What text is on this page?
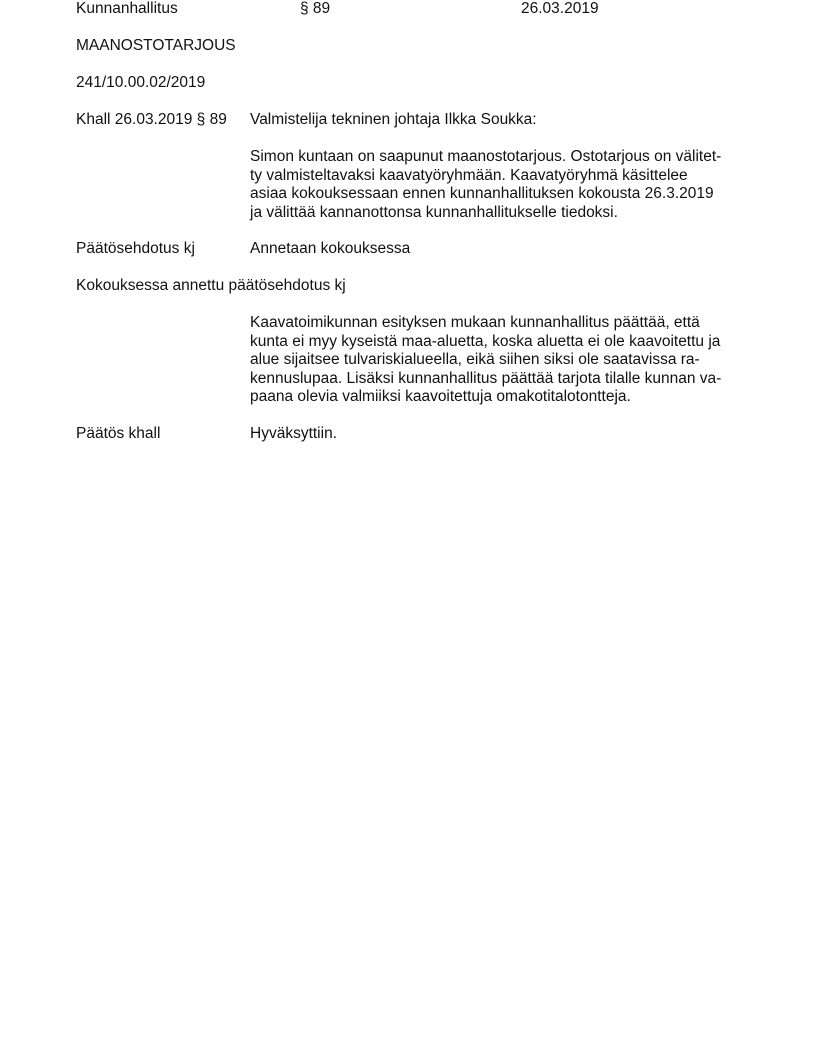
Kunnanhallitus	§ 89	26.03.2019
MAANOSTOTARJOUS
241/10.00.02/2019
Khall 26.03.2019 § 89 Valmistelija tekninen johtaja Ilkka Soukka:
Simon kuntaan on saapunut maanostotarjous. Ostotarjous on välitet-
ty valmisteltavaksi kaavatyöryhmään. Kaavatyöryhmä käsittelee
asiaa kokouksessaan ennen kunnanhallituksen kokousta 26.3.2019
ja välittää kannanottonsa kunnanhallitukselle tiedoksi.
Päätösehdotus kj	Annetaan kokouksessa
Kokouksessa annettu päätösehdotus kj
Kaavatoimikunnan esityksen mukaan kunnanhallitus päättää, että
kunta ei myy kyseistä maa-aluetta, koska aluetta ei ole kaavoitettu ja
alue sijaitsee tulvariskialueella, eikä siihen siksi ole saatavissa ra-
kennuslupaa. Lisäksi kunnanhallitus päättää tarjota tilalle kunnan va-
paana olevia valmiiksi kaavoitettuja omakotitalotontteja.
Päätös khall	Hyväksyttiin.
